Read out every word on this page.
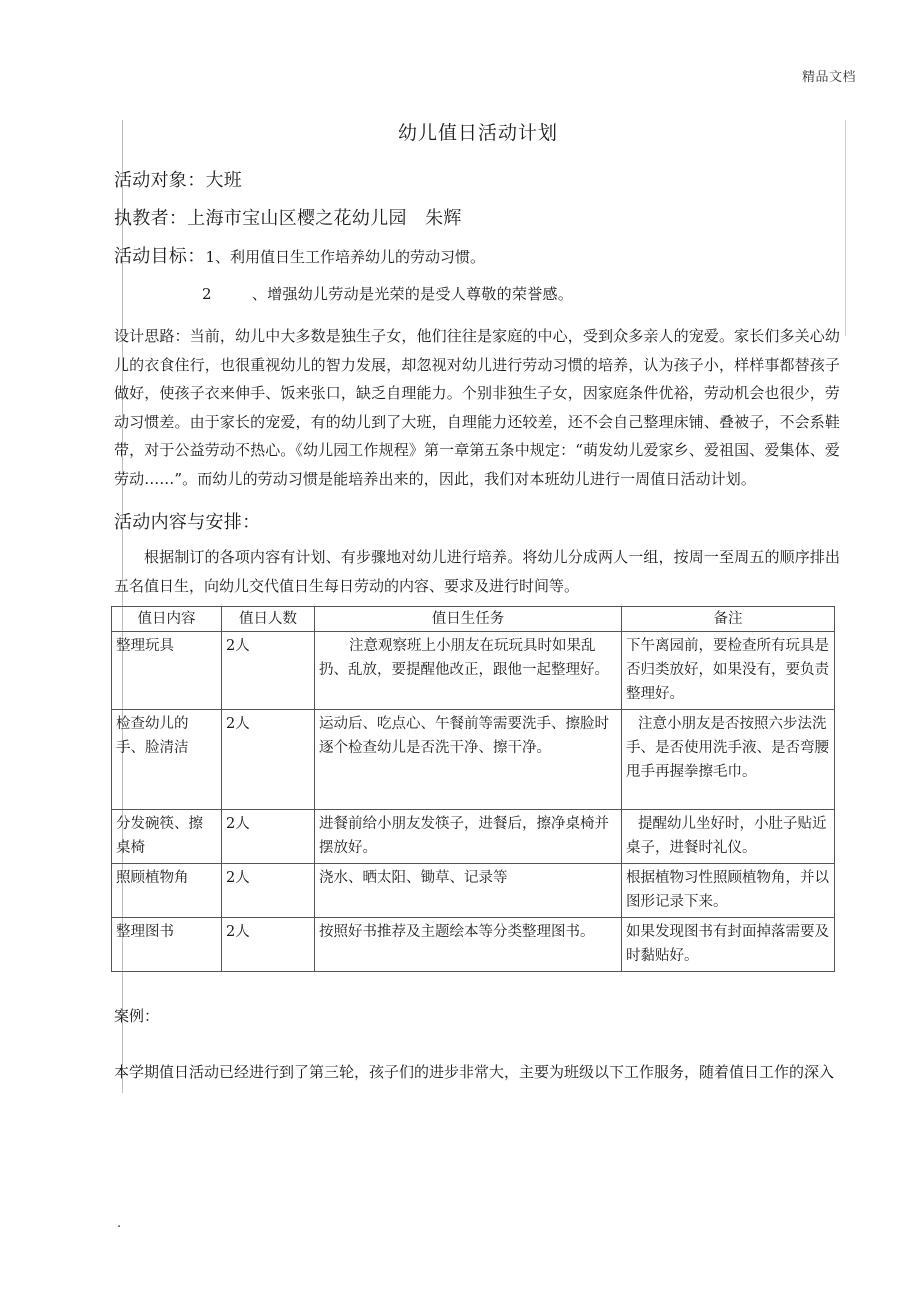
精品文档
幼儿值日活动计划

活动对象：大班

执教者：上海市宝山区樱之花幼儿园　朱辉

活动目标：1、利用值日生工作培养幼儿的劳动习惯。

2	、增强幼儿劳动是光荣的是受人尊敬的荣誉感。

设计思路：当前，幼儿中大多数是独生子女，他们往往是家庭的中心，受到众多亲人的宠爱。家长们多关心幼儿的衣食住行，也很重视幼儿的智力发展，却忽视对幼儿进行劳动习惯的培养，认为孩子小，样样事都替孩子做好，使孩子衣来伸手、饭来张口，缺乏自理能力。个别非独生子女，因家庭条件优裕，劳动机会也很少，劳动习惯差。由于家长的宠爱，有的幼儿到了大班，自理能力还较差，还不会自己整理床铺、叠被子，不会系鞋带，对于公益劳动不热心。《幼儿园工作规程》第一章第五条中规定：“萌发幼儿爱家乡、爱祖国、爱集体、爱劳动……”。而幼儿的劳动习惯是能培养出来的，因此，我们对本班幼儿进行一周值日活动计划。

活动内容与安排：

根据制订的各项内容有计划、有步骤地对幼儿进行培养。将幼儿分成两人一组，按周一至周五的顺序排出五名值日生，向幼儿交代值日生每日劳动的内容、要求及进行时间等。

值日内容	值日人数	值日生任务	备注
整理玩具	2人	注意观察班上小朋友在玩玩具时如果乱扔、乱放，要提醒他改正，跟他一起整理好。	下午离园前，要检查所有玩具是否归类放好，如果没有，要负责整理好。
检查幼儿的手、脸清洁	2人	运动后、吃点心、午餐前等需要洗手、擦脸时逐个检查幼儿是否洗干净、擦干净。	注意小朋友是否按照六步法洗手、是否使用洗手液、是否弯腰甩手再握拳擦毛巾。
分发碗筷、擦桌椅	2人	进餐前给小朋友发筷子，进餐后，擦净桌椅并摆放好。	提醒幼儿坐好时，小肚子贴近桌子，进餐时礼仪。
照顾植物角	2人	浇水、晒太阳、锄草、记录等	根据植物习性照顾植物角，并以图形记录下来。
整理图书	2人	按照好书推荐及主题绘本等分类整理图书。	如果发现图书有封面掉落需要及时黏贴好。

案例：

本学期值日活动已经进行到了第三轮，孩子们的进步非常大，主要为班级以下工作服务，随着值日工作的深入

.
